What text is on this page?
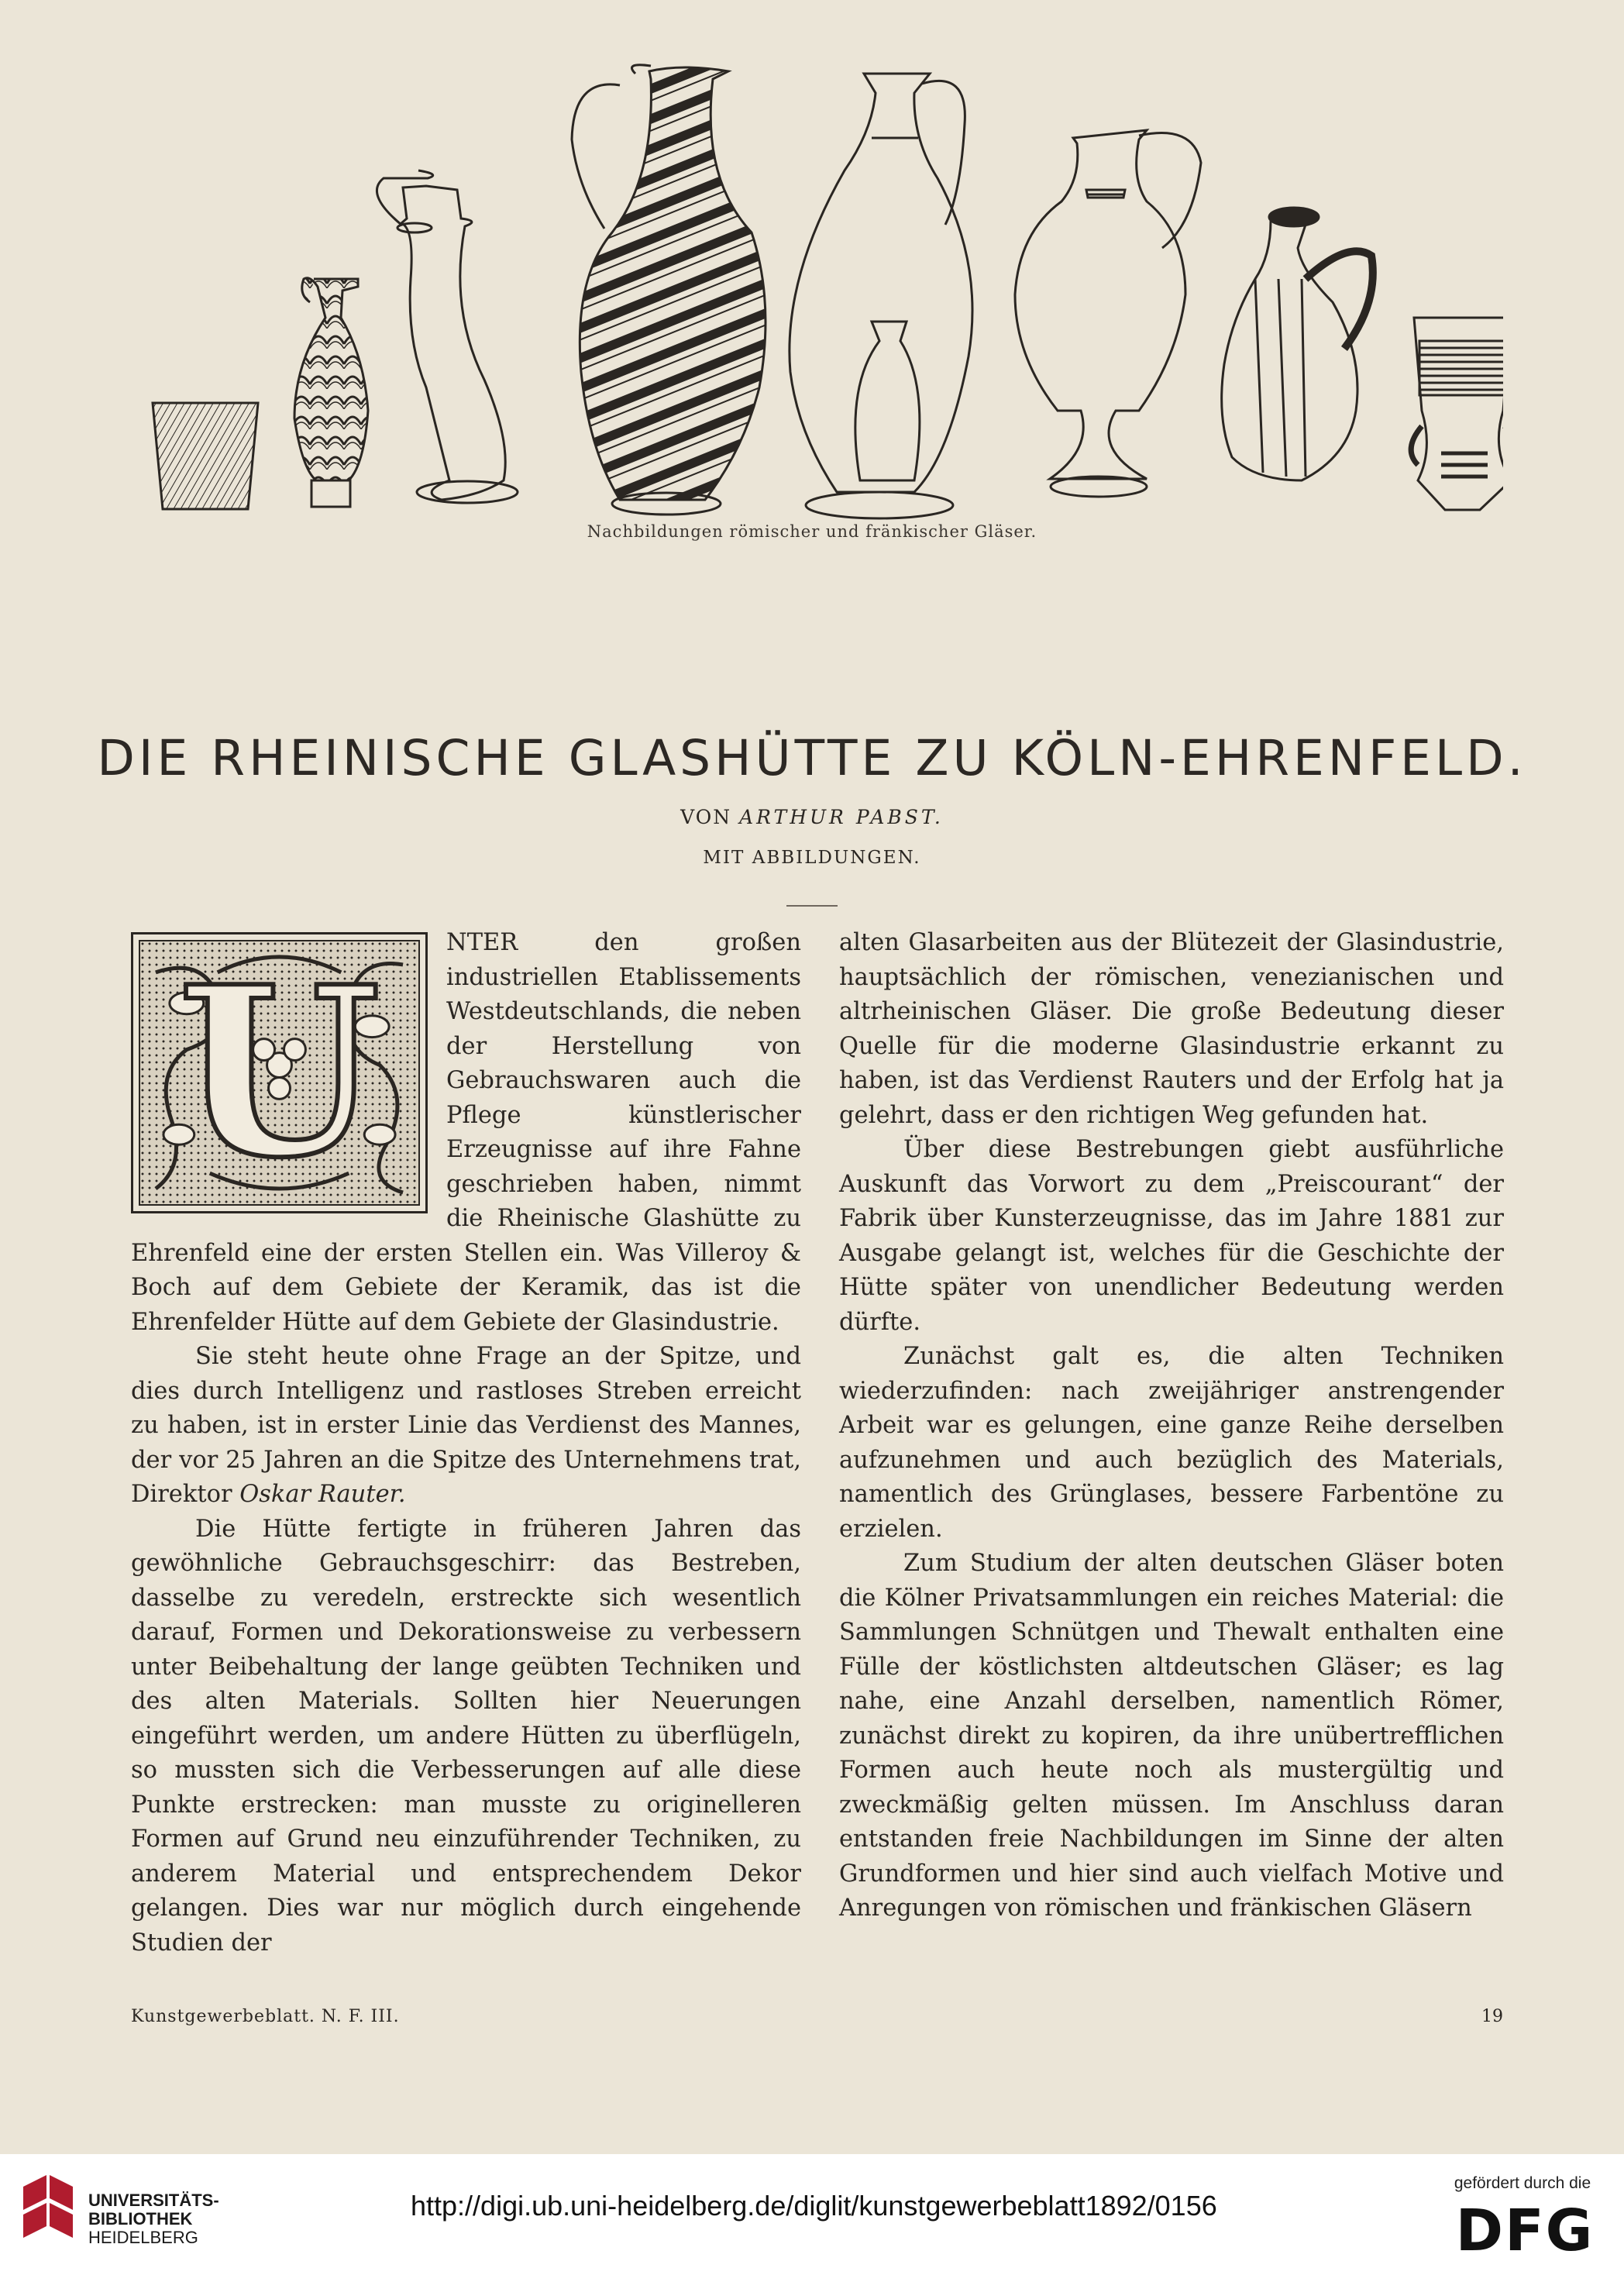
Nachbildungen römischer und fränkischer Gläser.
DIE RHEINISCHE GLASHÜTTE ZU KÖLN-EHRENFELD.
VON ARTHUR PABST.
MIT ABBILDUNGEN.
U	NTER den großen industriellen Etablissements Westdeutschlands, die neben der Herstellung von Gebrauchswaren auch die Pflege künstlerischer Erzeugnisse auf ihre Fahne geschrieben haben, nimmt die Rheinische Glashütte zu Ehrenfeld eine der ersten Stellen ein. Was Villeroy & Boch auf dem Gebiete der Keramik, das ist die Ehrenfelder Hütte auf dem Gebiete der Glasindustrie.

Sie steht heute ohne Frage an der Spitze, und dies durch Intelligenz und rastloses Streben erreicht zu haben, ist in erster Linie das Verdienst des Mannes, der vor 25 Jahren an die Spitze des Unternehmens trat, Direktor Oskar Rauter.

Die Hütte fertigte in früheren Jahren das gewöhnliche Gebrauchsgeschirr: das Bestreben, dasselbe zu veredeln, erstreckte sich wesentlich darauf, Formen und Dekorationsweise zu verbessern unter Beibehaltung der lange geübten Techniken und des alten Materials. Sollten hier Neuerungen eingeführt werden, um andere Hütten zu überflügeln, so mussten sich die Verbesserungen auf alle diese Punkte erstrecken: man musste zu originelleren Formen auf Grund neu einzuführender Techniken, zu anderem Material und entsprechendem Dekor gelangen. Dies war nur möglich durch eingehende Studien der

alten Glasarbeiten aus der Blütezeit der Glasindustrie, hauptsächlich der römischen, venezianischen und altrheinischen Gläser. Die große Bedeutung dieser Quelle für die moderne Glasindustrie erkannt zu haben, ist das Verdienst Rauters und der Erfolg hat ja gelehrt, dass er den richtigen Weg gefunden hat.

Über diese Bestrebungen giebt ausführliche Auskunft das Vorwort zu dem „Preiscourant“ der Fabrik über Kunsterzeugnisse, das im Jahre 1881 zur Ausgabe gelangt ist, welches für die Geschichte der Hütte später von unendlicher Bedeutung werden dürfte.

Zunächst galt es, die alten Techniken wiederzufinden: nach zweijähriger anstrengender Arbeit war es gelungen, eine ganze Reihe derselben aufzunehmen und auch bezüglich des Materials, namentlich des Grünglases, bessere Farbentöne zu erzielen.

Zum Studium der alten deutschen Gläser boten die Kölner Privatsammlungen ein reiches Material: die Sammlungen Schnütgen und Thewalt enthalten eine Fülle der köstlichsten altdeutschen Gläser; es lag nahe, eine Anzahl derselben, namentlich Römer, zunächst direkt zu kopiren, da ihre unübertrefflichen Formen auch heute noch als mustergültig und zweckmäßig gelten müssen. Im Anschluss daran entstanden freie Nachbildungen im Sinne der alten Grundformen und hier sind auch vielfach Motive und Anregungen von römischen und fränkischen Gläsern

Kunstgewerbeblatt. N. F. III.	19
UNIVERSITÄTS-
BIBLIOTHEK
HEIDELBERG
http://digi.ub.uni-heidelberg.de/diglit/kunstgewerbeblatt1892/0156
gefördert durch die
DFG
